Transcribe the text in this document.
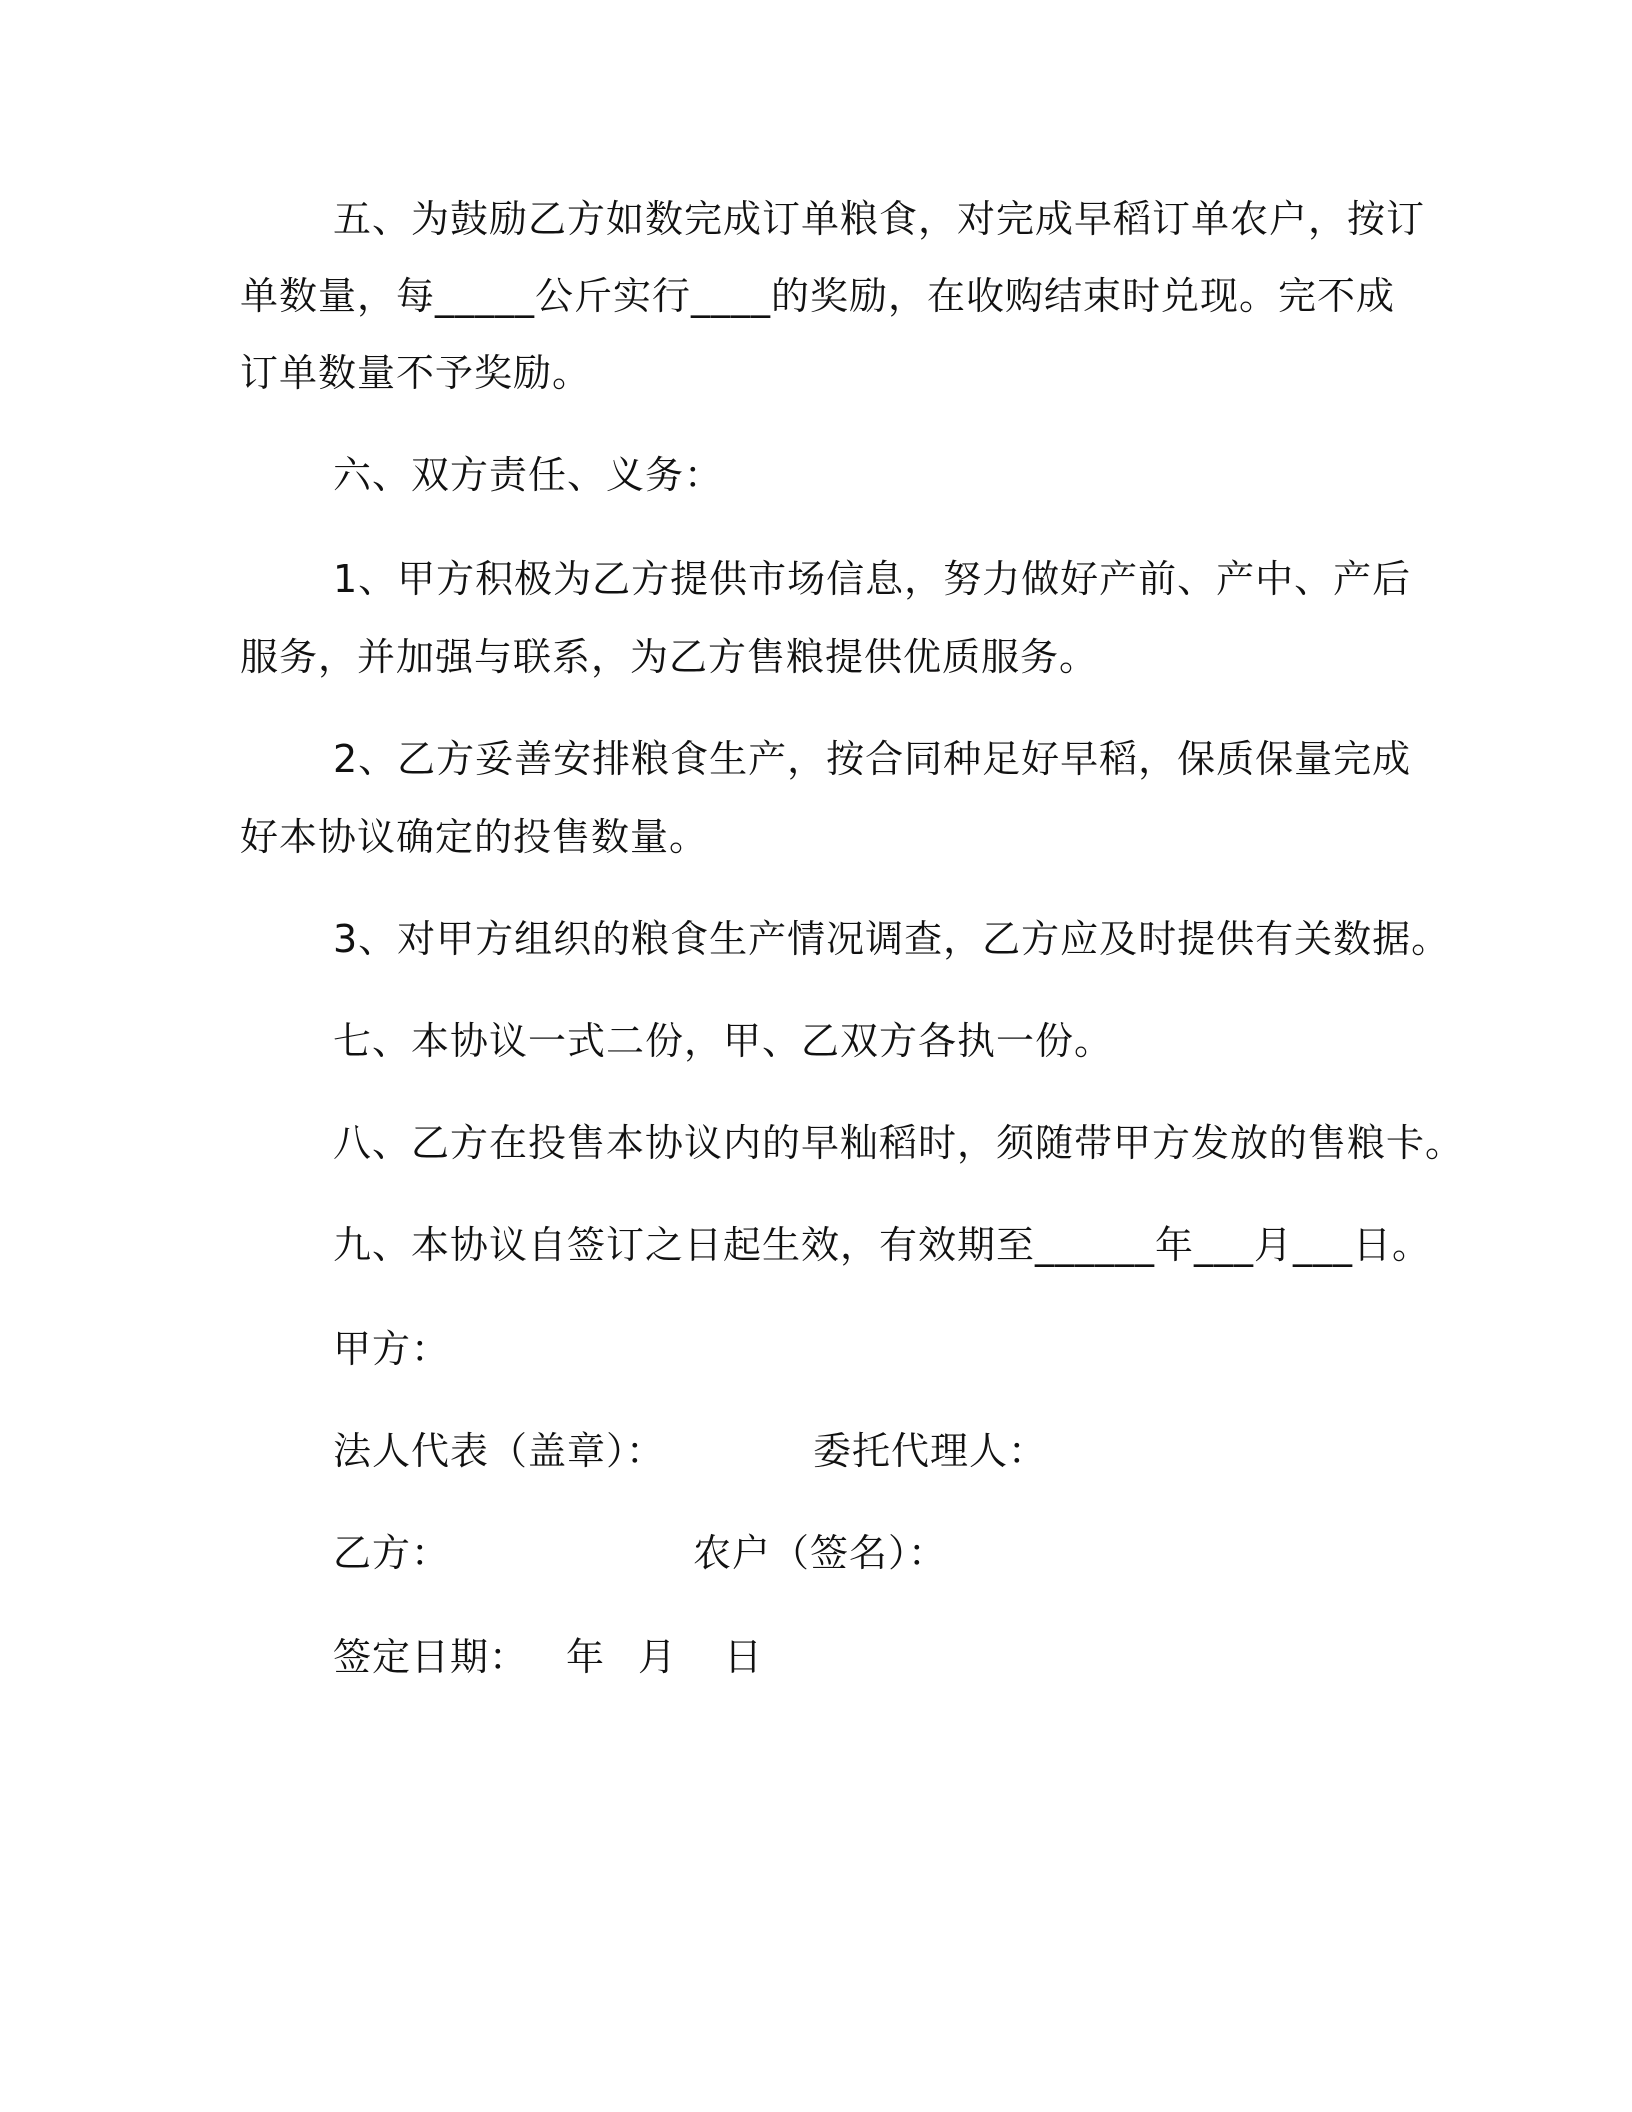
五、为鼓励乙方如数完成订单粮食，对完成早稻订单农户，按订
单数量，每_____公斤实行____的奖励，在收购结束时兑现。完不成
订单数量不予奖励。
六、双方责任、义务：
1、甲方积极为乙方提供市场信息，努力做好产前、产中、产后
服务，并加强与联系，为乙方售粮提供优质服务。
2、乙方妥善安排粮食生产，按合同种足好早稻，保质保量完成
好本协议确定的投售数量。
3、对甲方组织的粮食生产情况调查，乙方应及时提供有关数据。
七、本协议一式二份，甲、乙双方各执一份。
八、乙方在投售本协议内的早籼稻时，须随带甲方发放的售粮卡。
九、本协议自签订之日起生效，有效期至______年___月___日。
甲方：
法人代表（盖章）：	委托代理人：
乙方：	农户（签名）：
签定日期： 年 月 日
